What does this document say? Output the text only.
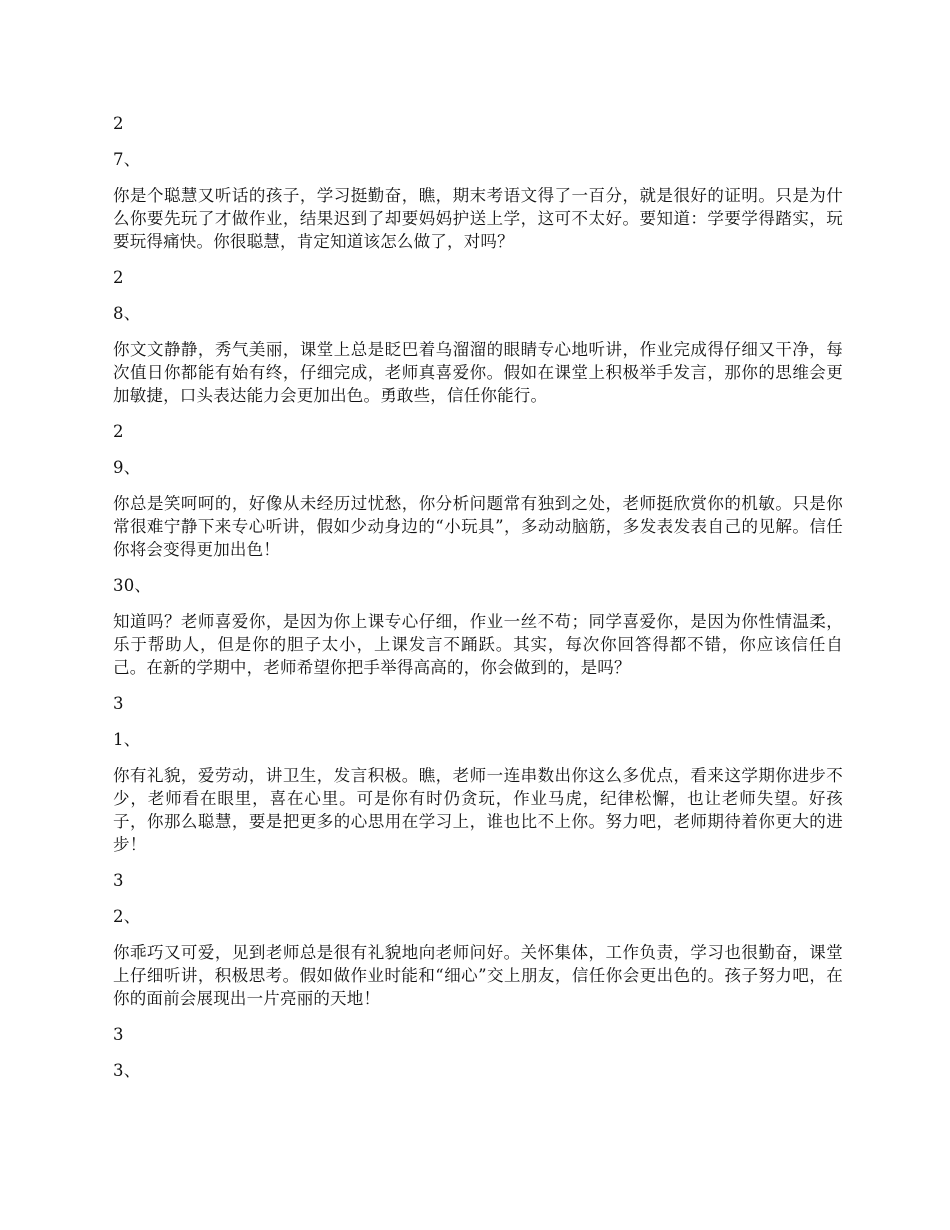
2

7、

你是个聪慧又听话的孩子，学习挺勤奋，瞧，期末考语文得了一百分，就是很好的证明。只是为什么你要先玩了才做作业，结果迟到了却要妈妈护送上学，这可不太好。要知道：学要学得踏实，玩要玩得痛快。你很聪慧，肯定知道该怎么做了，对吗？

2

8、

你文文静静，秀气美丽，课堂上总是眨巴着乌溜溜的眼睛专心地听讲，作业完成得仔细又干净，每次值日你都能有始有终，仔细完成，老师真喜爱你。假如在课堂上积极举手发言，那你的思维会更加敏捷，口头表达能力会更加出色。勇敢些，信任你能行。

2

9、

你总是笑呵呵的，好像从未经历过忧愁，你分析问题常有独到之处，老师挺欣赏你的机敏。只是你常很难宁静下来专心听讲，假如少动身边的“小玩具”，多动动脑筋，多发表发表自己的见解。信任你将会变得更加出色！

30、

知道吗？老师喜爱你，是因为你上课专心仔细，作业一丝不苟；同学喜爱你，是因为你性情温柔，乐于帮助人，但是你的胆子太小，上课发言不踊跃。其实，每次你回答得都不错，你应该信任自己。在新的学期中，老师希望你把手举得高高的，你会做到的，是吗？

3

1、

你有礼貌，爱劳动，讲卫生，发言积极。瞧，老师一连串数出你这么多优点，看来这学期你进步不少，老师看在眼里，喜在心里。可是你有时仍贪玩，作业马虎，纪律松懈，也让老师失望。好孩子，你那么聪慧，要是把更多的心思用在学习上，谁也比不上你。努力吧，老师期待着你更大的进步！

3

2、

你乖巧又可爱，见到老师总是很有礼貌地向老师问好。关怀集体，工作负责，学习也很勤奋，课堂上仔细听讲，积极思考。假如做作业时能和“细心”交上朋友，信任你会更出色的。孩子努力吧，在你的面前会展现出一片亮丽的天地！

3

3、
